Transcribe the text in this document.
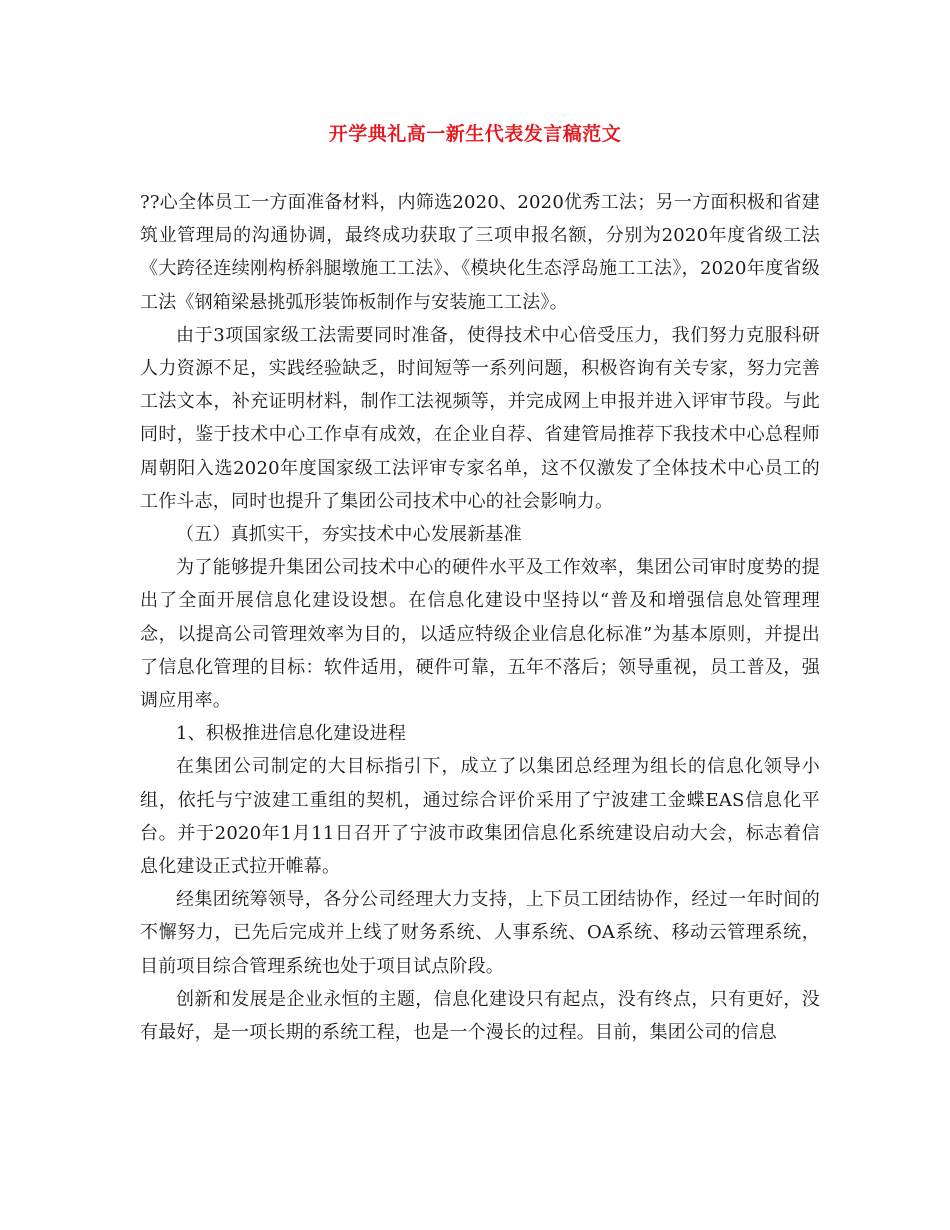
开学典礼高一新生代表发言稿范文

??心全体员工一方面准备材料，内筛选2020、2020优秀工法；另一方面积极和省建筑业管理局的沟通协调，最终成功获取了三项申报名额，分别为2020年度省级工法《大跨径连续刚构桥斜腿墩施工工法》、《模块化生态浮岛施工工法》，2020年度省级工法《钢箱梁悬挑弧形装饰板制作与安装施工工法》。

由于3项国家级工法需要同时准备，使得技术中心倍受压力，我们努力克服科研人力资源不足，实践经验缺乏，时间短等一系列问题，积极咨询有关专家，努力完善工法文本，补充证明材料，制作工法视频等，并完成网上申报并进入评审节段。与此同时，鉴于技术中心工作卓有成效，在企业自荐、省建管局推荐下我技术中心总程师周朝阳入选2020年度国家级工法评审专家名单，这不仅激发了全体技术中心员工的工作斗志，同时也提升了集团公司技术中心的社会影响力。

（五）真抓实干，夯实技术中心发展新基准

为了能够提升集团公司技术中心的硬件水平及工作效率，集团公司审时度势的提出了全面开展信息化建设设想。在信息化建设中坚持以“普及和增强信息处管理理念，以提高公司管理效率为目的，以适应特级企业信息化标准”为基本原则，并提出了信息化管理的目标：软件适用，硬件可靠，五年不落后；领导重视，员工普及，强调应用率。

1、积极推进信息化建设进程

在集团公司制定的大目标指引下，成立了以集团总经理为组长的信息化领导小组，依托与宁波建工重组的契机，通过综合评价采用了宁波建工金蝶EAS信息化平台。并于2020年1月11日召开了宁波市政集团信息化系统建设启动大会，标志着信息化建设正式拉开帷幕。

经集团统筹领导，各分公司经理大力支持，上下员工团结协作，经过一年时间的不懈努力，已先后完成并上线了财务系统、人事系统、OA系统、移动云管理系统，目前项目综合管理系统也处于项目试点阶段。

创新和发展是企业永恒的主题，信息化建设只有起点，没有终点，只有更好，没有最好，是一项长期的系统工程，也是一个漫长的过程。目前，集团公司的信息
